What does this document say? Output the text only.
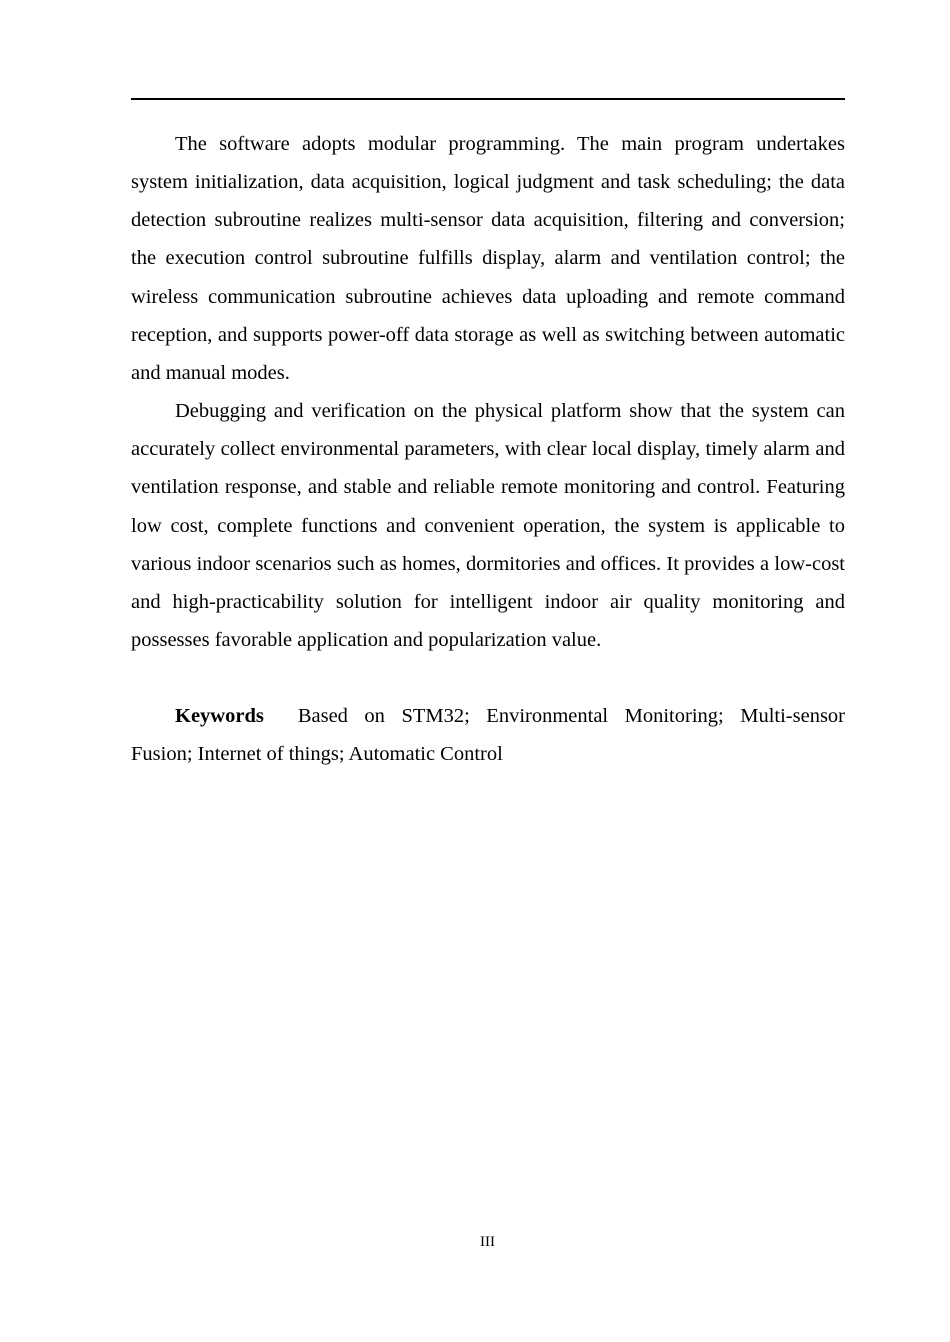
The software adopts modular programming. The main program undertakes system initialization, data acquisition, logical judgment and task scheduling; the data detection subroutine realizes multi-sensor data acquisition, filtering and conversion; the execution control subroutine fulfills display, alarm and ventilation control; the wireless communication subroutine achieves data uploading and remote command reception, and supports power-off data storage as well as switching between automatic and manual modes.

Debugging and verification on the physical platform show that the system can accurately collect environmental parameters, with clear local display, timely alarm and ventilation response, and stable and reliable remote monitoring and control. Featuring low cost, complete functions and convenient operation, the system is applicable to various indoor scenarios such as homes, dormitories and offices. It provides a low-cost and high-practicability solution for intelligent indoor air quality monitoring and possesses favorable application and popularization value.

Keywords Based on STM32; Environmental Monitoring; Multi-sensor Fusion; Internet of things; Automatic Control

III
